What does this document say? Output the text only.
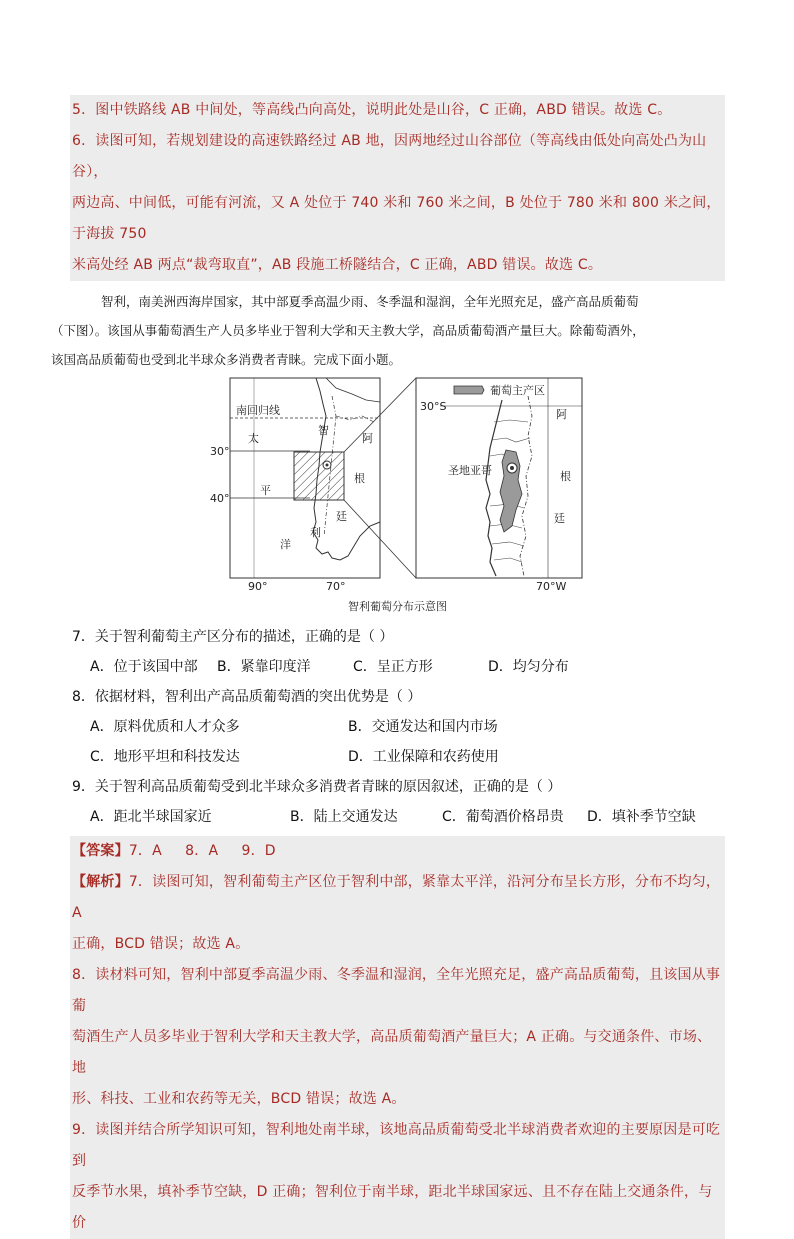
5．图中铁路线 AB 中间处，等高线凸向高处，说明此处是山谷，C 正确，ABD 错误。故选 C。

6．读图可知，若规划建设的高速铁路经过 AB 地，因两地经过山谷部位（等高线由低处向高处凸为山谷），

两边高、中间低，可能有河流，又 A 处位于 740 米和 760 米之间，B 处位于 780 米和 800 米之间，于海拔 750

米高处经 AB 两点“裁弯取直”，AB 段施工桥隧结合，C 正确，ABD 错误。故选 C。

智利，南美洲西海岸国家，其中部夏季高温少雨、冬季温和湿润，全年光照充足，盛产高品质葡萄
（下图）。该国从事葡萄酒生产人员多毕业于智利大学和天主教大学，高品质葡萄酒产量巨大。除葡萄酒外，
该国高品质葡萄也受到北半球众多消费者青睐。完成下面小题。
南回归线
30°
40°
太
平
洋
智
利
阿
根
廷
90°	70°
葡萄主产区
30°S
圣地亚哥
阿
根
廷
70°W
智利葡萄分布示意图

7．关于智利葡萄主产区分布的描述，正确的是（ ）

A．位于该国中部	B．紧靠印度洋	C．呈正方形	D．均匀分布

8．依据材料，智利出产高品质葡萄酒的突出优势是（ ）

A．原料优质和人才众多	B．交通发达和国内市场
C．地形平坦和科技发达	D．工业保障和农药使用

9．关于智利高品质葡萄受到北半球众多消费者青睐的原因叙述，正确的是（ ）

A．距北半球国家近	B．陆上交通发达	C．葡萄酒价格昂贵	D．填补季节空缺

【答案】7．A     8．A     9．D

【解析】7．读图可知，智利葡萄主产区位于智利中部，紧靠太平洋，沿河分布呈长方形，分布不均匀，A

正确，BCD 错误；故选 A。

8．读材料可知，智利中部夏季高温少雨、冬季温和湿润，全年光照充足，盛产高品质葡萄，且该国从事葡

萄酒生产人员多毕业于智利大学和天主教大学，高品质葡萄酒产量巨大；A 正确。与交通条件、市场、地

形、科技、工业和农药等无关，BCD 错误；故选 A。

9．读图并结合所学知识可知，智利地处南半球，该地高品质葡萄受北半球消费者欢迎的主要原因是可吃到

反季节水果，填补季节空缺，D 正确；智利位于南半球，距北半球国家远、且不存在陆上交通条件，与价
